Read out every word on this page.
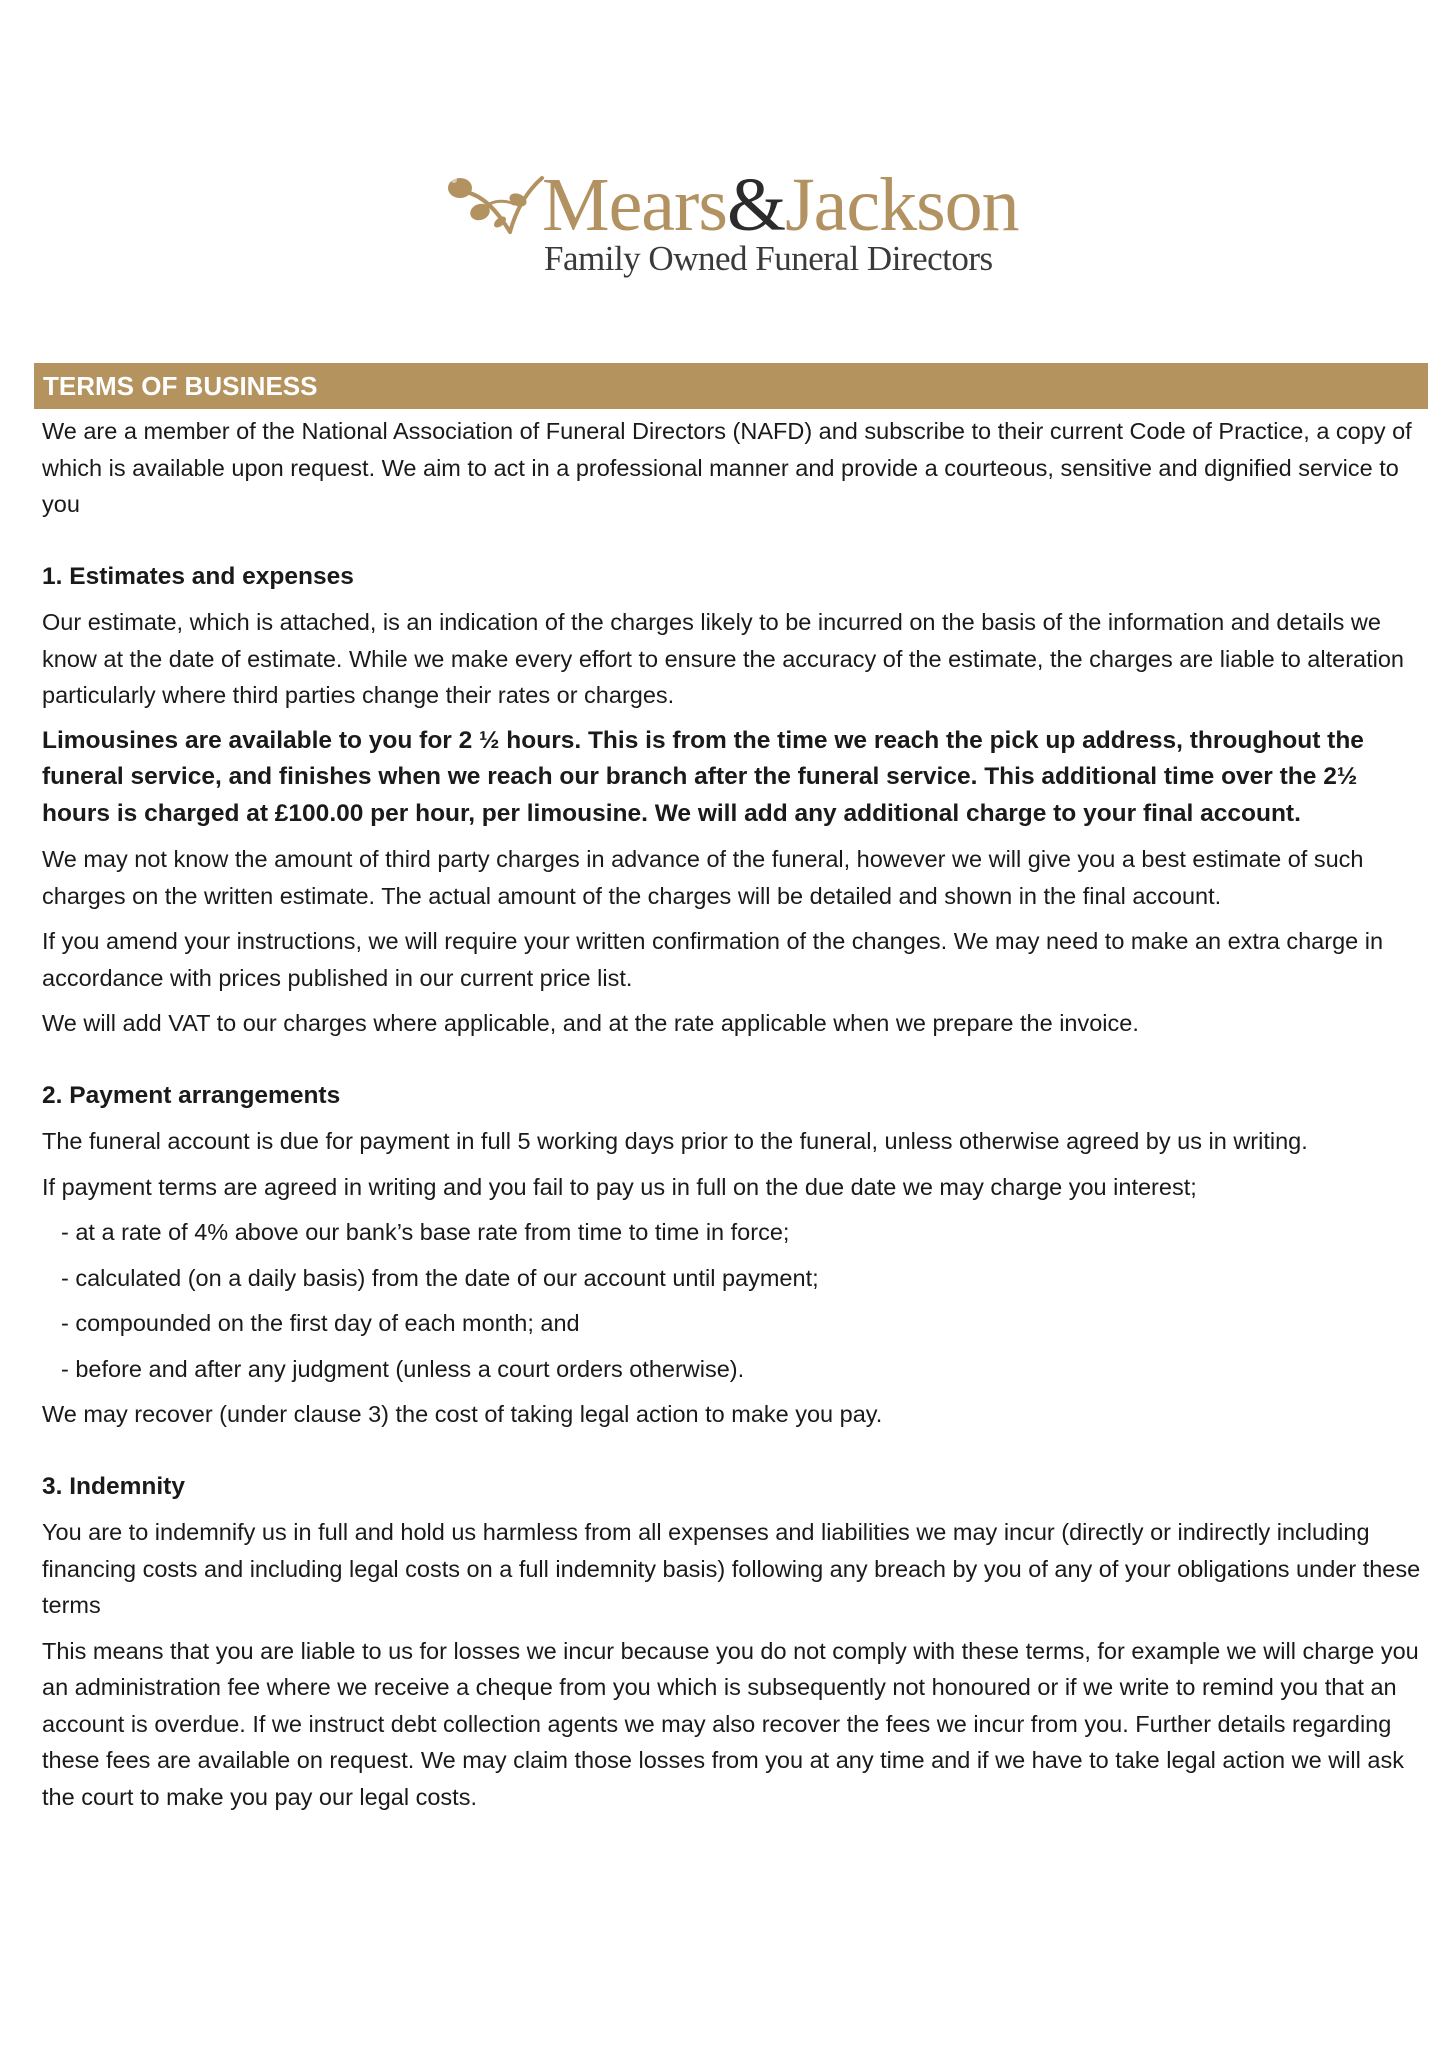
Mears&Jackson
Family Owned Funeral Directors
TERMS OF BUSINESS

We are a member of the National Association of Funeral Directors (NAFD) and subscribe to their current Code of Practice, a copy of which is available upon request. We aim to act in a professional manner and provide a courteous, sensitive and dignified service to you

1. Estimates and expenses

Our estimate, which is attached, is an indication of the charges likely to be incurred on the basis of the information and details we know at the date of estimate. While we make every effort to ensure the accuracy of the estimate, the charges are liable to alteration particularly where third parties change their rates or charges.

Limousines are available to you for 2 ½ hours. This is from the time we reach the pick up address, throughout the funeral service, and finishes when we reach our branch after the funeral service. This additional time over the 2½ hours is charged at £100.00 per hour, per limousine. We will add any additional charge to your final account.

We may not know the amount of third party charges in advance of the funeral, however we will give you a best estimate of such charges on the written estimate. The actual amount of the charges will be detailed and shown in the final account.

If you amend your instructions, we will require your written confirmation of the changes. We may need to make an extra charge in accordance with prices published in our current price list.

We will add VAT to our charges where applicable, and at the rate applicable when we prepare the invoice.

2. Payment arrangements

The funeral account is due for payment in full 5 working days prior to the funeral, unless otherwise agreed by us in writing.

If payment terms are agreed in writing and you fail to pay us in full on the due date we may charge you interest;

- at a rate of 4% above our bank’s base rate from time to time in force;

- calculated (on a daily basis) from the date of our account until payment;

- compounded on the first day of each month; and

- before and after any judgment (unless a court orders otherwise).

We may recover (under clause 3) the cost of taking legal action to make you pay.

3. Indemnity

You are to indemnify us in full and hold us harmless from all expenses and liabilities we may incur (directly or indirectly including financing costs and including legal costs on a full indemnity basis) following any breach by you of any of your obligations under these terms

This means that you are liable to us for losses we incur because you do not comply with these terms, for example we will charge you an administration fee where we receive a cheque from you which is subsequently not honoured or if we write to remind you that an account is overdue. If we instruct debt collection agents we may also recover the fees we incur from you. Further details regarding these fees are available on request. We may claim those losses from you at any time and if we have to take legal action we will ask the court to make you pay our legal costs.
